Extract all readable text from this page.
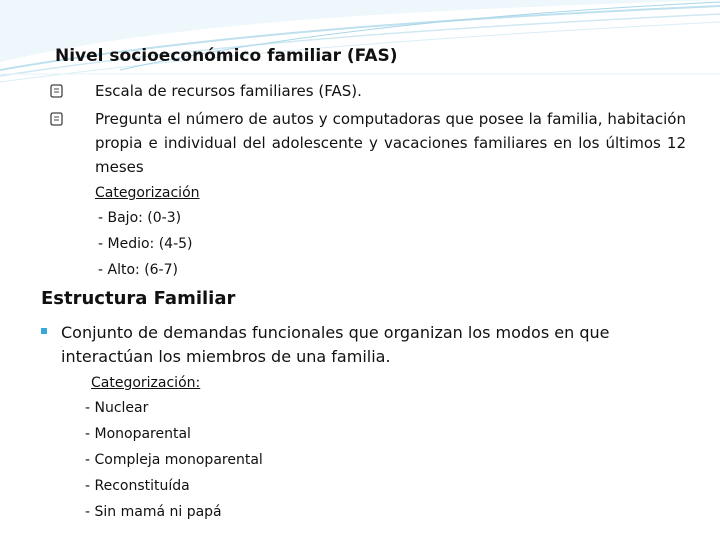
Nivel socioeconómico familiar (FAS)
Escala de recursos familiares (FAS).
Pregunta el número de autos y computadoras que posee la familia, habitación propia e individual del adolescente y vacaciones familiares en los últimos 12 meses
Categorización
- Bajo: (0-3)
- Medio: (4-5)
- Alto: (6-7)
Estructura Familiar
Conjunto de demandas funcionales que organizan los modos en que interactúan los miembros de una familia.
Categorización:
- Nuclear
- Monoparental
- Compleja monoparental
- Reconstituída
- Sin mamá ni papá
